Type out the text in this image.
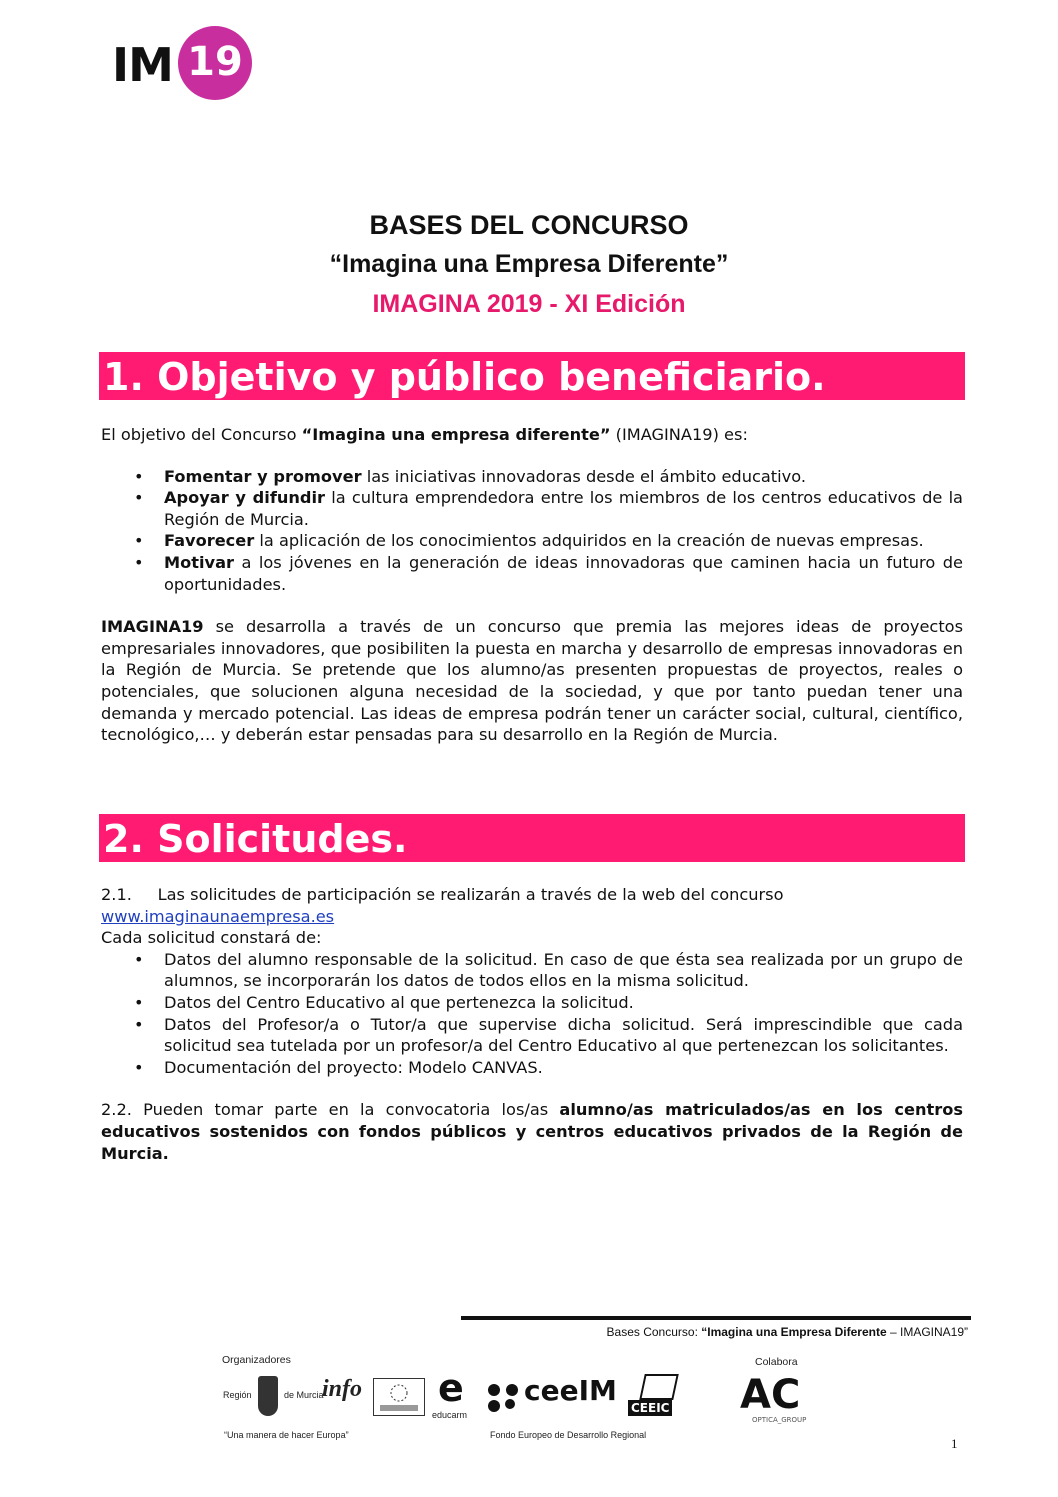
IM 19
BASES DEL CONCURSO
“Imagina una Empresa Diferente”
IMAGINA 2019 - XI Edición
1. Objetivo y público beneficiario.

El objetivo del Concurso “Imagina una empresa diferente” (IMAGINA19) es:

• Fomentar y promover las iniciativas innovadoras desde el ámbito educativo.
• Apoyar y difundir la cultura emprendedora entre los miembros de los centros educativos de la Región de Murcia.
• Favorecer la aplicación de los conocimientos adquiridos en la creación de nuevas empresas.
• Motivar a los jóvenes en la generación de ideas innovadoras que caminen hacia un futuro de oportunidades.

IMAGINA19 se desarrolla a través de un concurso que premia las mejores ideas de proyectos empresariales innovadores, que posibiliten la puesta en marcha y desarrollo de empresas innovadoras en la Región de Murcia. Se pretende que los alumno/as presenten propuestas de proyectos, reales o potenciales, que solucionen alguna necesidad de la sociedad, y que por tanto puedan tener una demanda y mercado potencial. Las ideas de empresa podrán tener un carácter social, cultural, científico, tecnológico,… y deberán estar pensadas para su desarrollo en la Región de Murcia.

2. Solicitudes.

2.1.     Las solicitudes de participación se realizarán a través de la web del concurso

www.imaginaunaempresa.es

Cada solicitud constará de:

• Datos del alumno responsable de la solicitud. En caso de que ésta sea realizada por un grupo de alumnos, se incorporarán los datos de todos ellos en la misma solicitud.
• Datos del Centro Educativo al que pertenezca la solicitud.
• Datos del Profesor/a o Tutor/a que supervise dicha solicitud. Será imprescindible que cada solicitud sea tutelada por un profesor/a del Centro Educativo al que pertenezcan los solicitantes.
• Documentación del proyecto: Modelo CANVAS.

2.2. Pueden tomar parte en la convocatoria los/as alumno/as matriculados/as en los centros educativos sostenidos con fondos públicos y centros educativos privados de la Región de Murcia.

Bases Concurso: “Imagina una Empresa Diferente – IMAGINA19”
Organizadores	Colabora
Región	de Murcia
info e
educarm
ceeIM
CEEIC AC
OPTICA_GROUP
“Una manera de hacer Europa”	Fondo Europeo de Desarrollo Regional
1
